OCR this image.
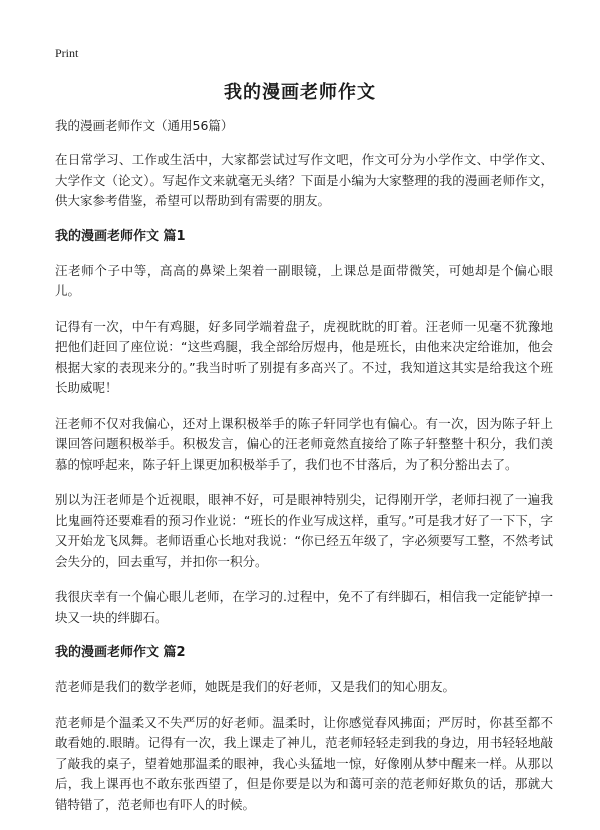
Print
我的漫画老师作文

我的漫画老师作文（通用56篇）

在日常学习、工作或生活中，大家都尝试过写作文吧，作文可分为小学作文、中学作文、大学作文（论文）。写起作文来就毫无头绪？下面是小编为大家整理的我的漫画老师作文，供大家参考借鉴，希望可以帮助到有需要的朋友。

我的漫画老师作文 篇1

汪老师个子中等，高高的鼻梁上架着一副眼镜，上课总是面带微笑，可她却是个偏心眼儿。

记得有一次，中午有鸡腿，好多同学端着盘子，虎视眈眈的盯着。汪老师一见毫不犹豫地把他们赶回了座位说：“这些鸡腿，我全部给厉煜冉，他是班长，由他来决定给谁加，他会根据大家的表现来分的。”我当时听了别提有多高兴了。不过，我知道这其实是给我这个班长助威呢！

汪老师不仅对我偏心，还对上课积极举手的陈子轩同学也有偏心。有一次，因为陈子轩上课回答问题积极举手。积极发言，偏心的汪老师竟然直接给了陈子轩整整十积分，我们羡慕的惊呼起来，陈子轩上课更加积极举手了，我们也不甘落后，为了积分豁出去了。

别以为汪老师是个近视眼，眼神不好，可是眼神特别尖，记得刚开学，老师扫视了一遍我比鬼画符还要难看的预习作业说：“班长的作业写成这样，重写。”可是我才好了一下下，字又开始龙飞凤舞。老师语重心长地对我说：“你已经五年级了，字必须要写工整，不然考试会失分的，回去重写，并扣你一积分。

我很庆幸有一个偏心眼儿老师，在学习的.过程中，免不了有绊脚石，相信我一定能铲掉一块又一块的绊脚石。

我的漫画老师作文 篇2

范老师是我们的数学老师，她既是我们的好老师，又是我们的知心朋友。

范老师是个温柔又不失严厉的好老师。温柔时，让你感觉春风拂面；严厉时，你甚至都不敢看她的.眼睛。记得有一次，我上课走了神儿，范老师轻轻走到我的身边，用书轻轻地敲了敲我的桌子，望着她那温柔的眼神，我心头猛地一惊，好像刚从梦中醒来一样。从那以后，我上课再也不敢东张西望了，但是你要是以为和蔼可亲的范老师好欺负的话，那就大错特错了，范老师也有吓人的时候。
